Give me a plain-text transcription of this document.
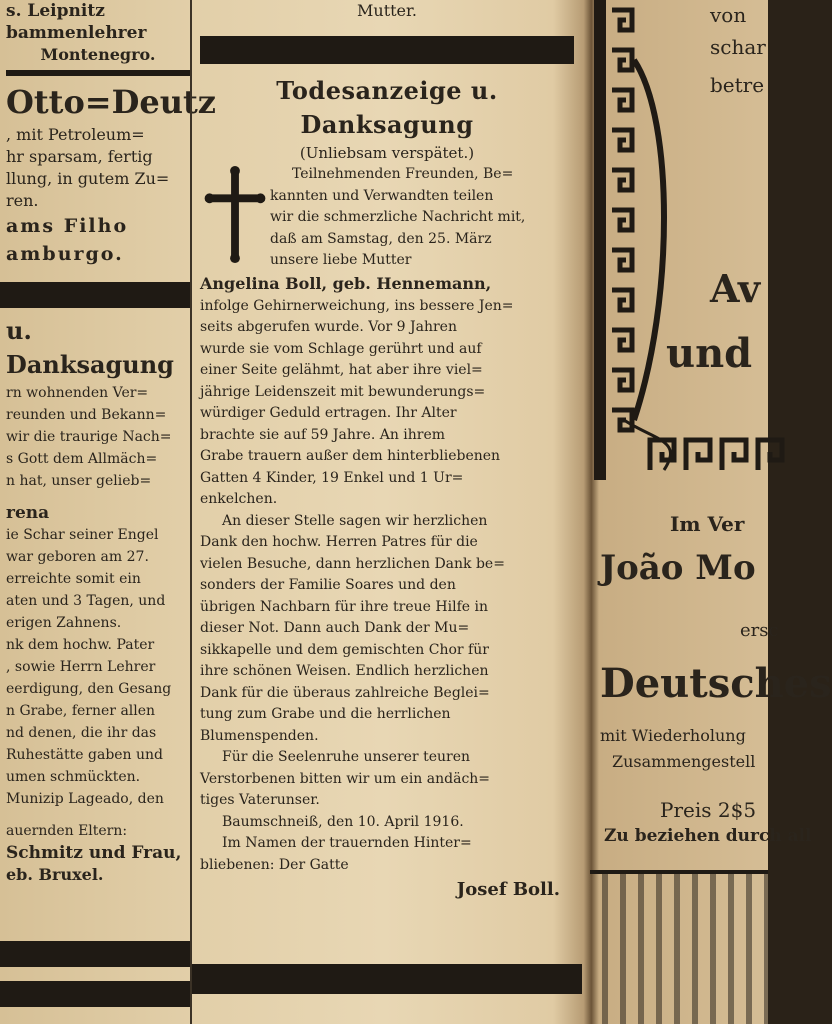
s. Leipnitz
bammenlehrer
Montenegro.
Otto=Deutz
, mit Petroleum=
hr sparsam, fertig
llung, in gutem Zu=
ren.
ams Filho
amburgo.
u. Danksagung
rn wohnenden Ver=
reunden und Bekann=
wir die traurige Nach=
s Gott dem Allmäch=
n hat, unser gelieb=
rena
ie Schar seiner Engel
war geboren am 27.
erreichte somit ein
aten und 3 Tagen, und
erigen Zahnens.
nk dem hochw. Pater
, sowie Herrn Lehrer
eerdigung, den Gesang
n Grabe, ferner allen
nd denen, die ihr das
Ruhestätte gaben und
umen schmückten.
Munizip Lageado, den
auernden Eltern:
Schmitz und Frau,
eb. Bruxel.
Mutter.
Todesanzeige u. Danksagung
(Unliebsam verspätet.)
Teilnehmenden Freunden, Be=
kannten und Verwandten teilen
wir die schmerzliche Nachricht mit,
daß am Samstag, den 25. März
unsere liebe Mutter
Angelina Boll, geb. Hennemann,
infolge Gehirnerweichung, ins bessere Jen=
seits abgerufen wurde. Vor 9 Jahren
wurde sie vom Schlage gerührt und auf
einer Seite gelähmt, hat aber ihre viel=
jährige Leidenszeit mit bewunderungs=
würdiger Geduld ertragen. Ihr Alter
brachte sie auf 59 Jahre. An ihrem
Grabe trauern außer dem hinterbliebenen
Gatten 4 Kinder, 19 Enkel und 1 Ur=
enkelchen.
An dieser Stelle sagen wir herzlichen
Dank den hochw. Herren Patres für die
vielen Besuche, dann herzlichen Dank be=
sonders der Familie Soares und den
übrigen Nachbarn für ihre treue Hilfe in
dieser Not. Dann auch Dank der Mu=
sikkapelle und dem gemischten Chor für
ihre schönen Weisen. Endlich herzlichen
Dank für die überaus zahlreiche Beglei=
tung zum Grabe und die herrlichen
Blumenspenden.
Für die Seelenruhe unserer teuren
Verstorbenen bitten wir um ein andäch=
tiges Vaterunser.
Baumschneiß, den 10. April 1916.
Im Namen der trauernden Hinter=
bliebenen: Der Gatte
Josef Boll.
von
schar
betre
Av
und
Im Ver
João Mo
ersc
Deutsches
mit Wiederholung
Zusammengestell
Preis 2$5
Zu beziehen durch all
